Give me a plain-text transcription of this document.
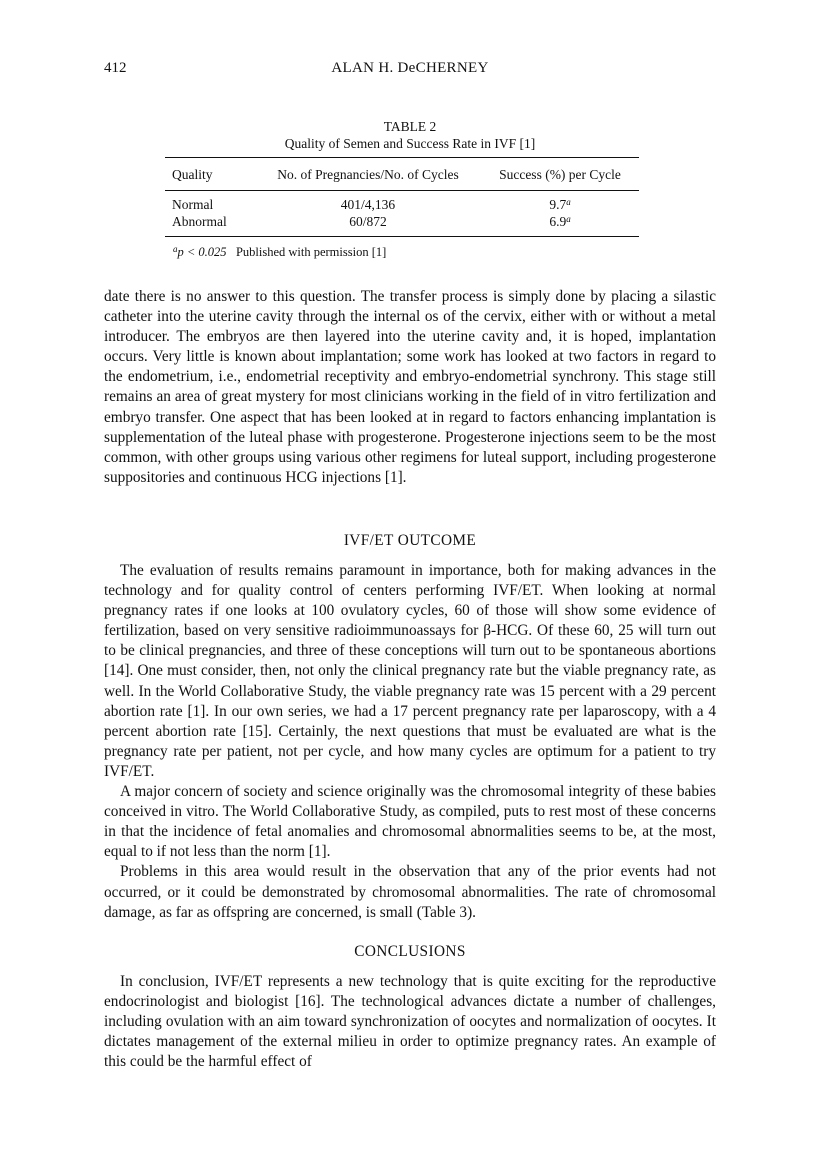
412	ALAN H. DeCHERNEY
TABLE 2
Quality of Semen and Success Rate in IVF [1]
Quality	No. of Pregnancies/No. of Cycles	Success (%) per Cycle
Normal	401/4,136	9.7$^a$
Abnormal	60/872	6.9$^a$
$^a$p < 0.025 Published with permission [1]

date there is no answer to this question. The transfer process is simply done by placing a silastic catheter into the uterine cavity through the internal os of the cervix, either with or without a metal introducer. The embryos are then layered into the uterine cavity and, it is hoped, implantation occurs. Very little is known about implantation; some work has looked at two factors in regard to the endometrium, i.e., endometrial receptivity and embryo-endometrial synchrony. This stage still remains an area of great mystery for most clinicians working in the field of in vitro fertilization and embryo transfer. One aspect that has been looked at in regard to factors enhancing implantation is supplementation of the luteal phase with progesterone. Progesterone injections seem to be the most common, with other groups using various other regimens for luteal support, including progesterone suppositories and continuous HCG injections [1].

IVF/ET OUTCOME

The evaluation of results remains paramount in importance, both for making advances in the technology and for quality control of centers performing IVF/ET. When looking at normal pregnancy rates if one looks at 100 ovulatory cycles, 60 of those will show some evidence of fertilization, based on very sensitive radioimmunoassays for β-HCG. Of these 60, 25 will turn out to be clinical pregnancies, and three of these conceptions will turn out to be spontaneous abortions [14]. One must consider, then, not only the clinical pregnancy rate but the viable pregnancy rate, as well. In the World Collaborative Study, the viable pregnancy rate was 15 percent with a 29 percent abortion rate [1]. In our own series, we had a 17 percent pregnancy rate per laparoscopy, with a 4 percent abortion rate [15]. Certainly, the next questions that must be evaluated are what is the pregnancy rate per patient, not per cycle, and how many cycles are optimum for a patient to try IVF/ET.

A major concern of society and science originally was the chromosomal integrity of these babies conceived in vitro. The World Collaborative Study, as compiled, puts to rest most of these concerns in that the incidence of fetal anomalies and chromosomal abnormalities seems to be, at the most, equal to if not less than the norm [1].

Problems in this area would result in the observation that any of the prior events had not occurred, or it could be demonstrated by chromosomal abnormalities. The rate of chromosomal damage, as far as offspring are concerned, is small (Table 3).

CONCLUSIONS

In conclusion, IVF/ET represents a new technology that is quite exciting for the reproductive endocrinologist and biologist [16]. The technological advances dictate a number of challenges, including ovulation with an aim toward synchronization of oocytes and normalization of oocytes. It dictates management of the external milieu in order to optimize pregnancy rates. An example of this could be the harmful effect of
